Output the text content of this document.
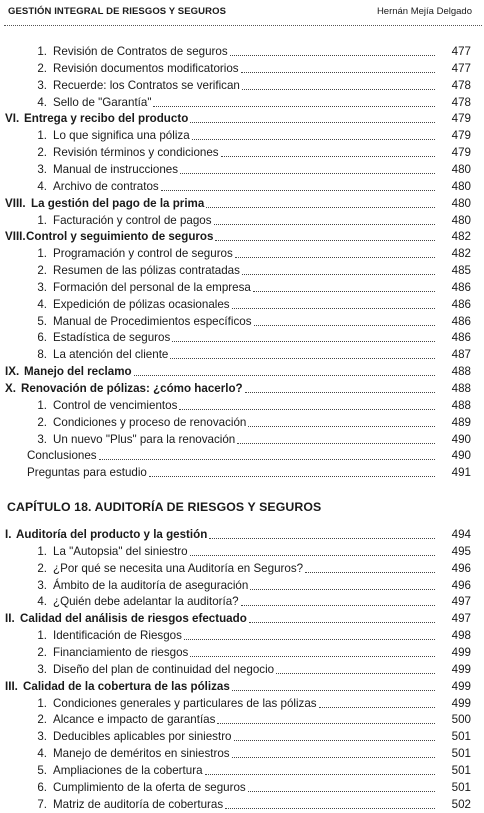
GESTIÓN INTEGRAL DE RIESGOS Y SEGUROS	Hernán Mejía Delgado
1. Revisión de Contratos de seguros	477
2. Revisión documentos modificatorios	477
3. Recuerde: los Contratos se verifican	478
4. Sello de "Garantía"	478
VI. Entrega y recibo del producto	479
1. Lo que significa una póliza	479
2. Revisión términos y condiciones	479
3. Manual de instrucciones	480
4. Archivo de contratos	480
VIII. La gestión del pago de la prima	480
1. Facturación y control de pagos	480
VIII. Control y seguimiento de seguros	482
1. Programación y control de seguros	482
2. Resumen de las pólizas contratadas	485
3. Formación del personal de la empresa	486
4. Expedición de pólizas ocasionales	486
5. Manual de Procedimientos específicos	486
6. Estadística de seguros	486
8. La atención del cliente	487
IX. Manejo del reclamo	488
X. Renovación de pólizas: ¿cómo hacerlo?	488
1. Control de vencimientos	488
2. Condiciones y proceso de renovación	489
3. Un nuevo "Plus" para la renovación	490
Conclusiones	490
Preguntas para estudio	491
CAPÍTULO 18. AUDITORÍA DE RIESGOS Y SEGUROS
I. Auditoría del producto y la gestión	494
1. La "Autopsia" del siniestro	495
2. ¿Por qué se necesita una Auditoría en Seguros?	496
3. Ámbito de la auditoría de aseguración	496
4. ¿Quién debe adelantar la auditoría?	497
II. Calidad del análisis de riesgos efectuado	497
1. Identificación de Riesgos	498
2. Financiamiento de riesgos	499
3. Diseño del plan de continuidad del negocio	499
III. Calidad de la cobertura de las pólizas	499
1. Condiciones generales y particulares de las pólizas	499
2. Alcance e impacto de garantías	500
3. Deducibles aplicables por siniestro	501
4. Manejo de deméritos en siniestros	501
5. Ampliaciones de la cobertura	501
6. Cumplimiento de la oferta de seguros	501
7. Matriz de auditoría de coberturas	502
